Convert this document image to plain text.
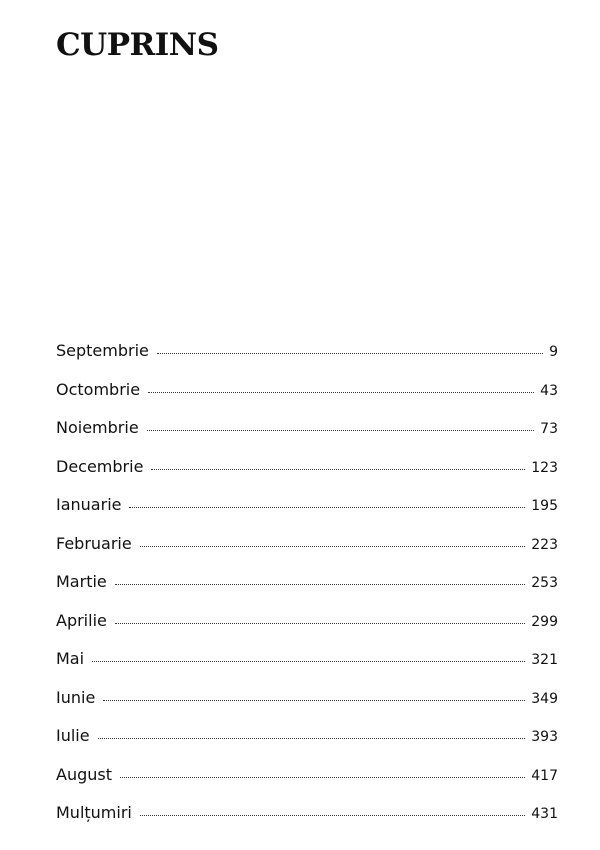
CUPRINS
Septembrie	9
Octombrie	43
Noiembrie	73
Decembrie	123
Ianuarie	195
Februarie	223
Martie	253
Aprilie	299
Mai	321
Iunie	349
Iulie	393
August	417
Mulțumiri	431
